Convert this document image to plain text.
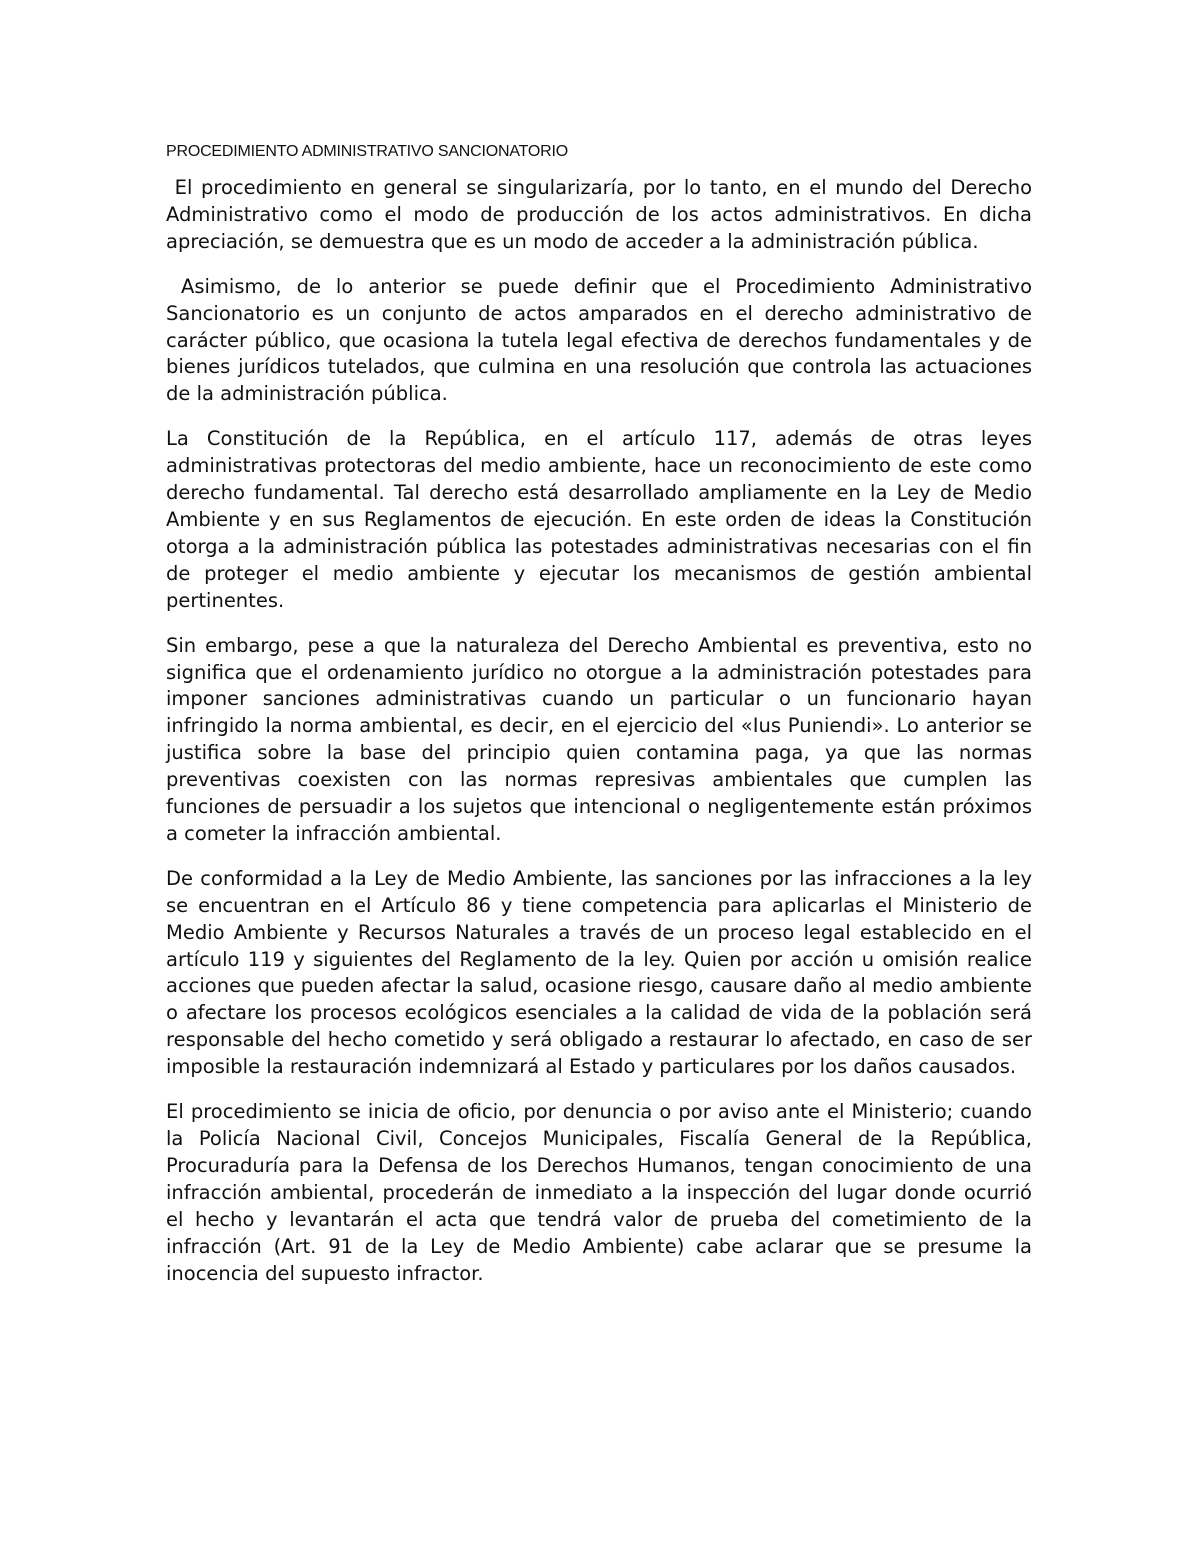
PROCEDIMIENTO ADMINISTRATIVO SANCIONATORIO

El procedimiento en general se singularizaría, por lo tanto, en el mundo del Derecho Administrativo como el modo de producción de los actos administrativos. En dicha apreciación, se demuestra que es un modo de acceder a la administración pública.

Asimismo, de lo anterior se puede definir que el Procedimiento Administrativo Sancionatorio es un conjunto de actos amparados en el derecho administrativo de carácter público, que ocasiona la tutela legal efectiva de derechos fundamentales y de bienes jurídicos tutelados, que culmina en una resolución que controla las actuaciones de la administración pública.

La Constitución de la República, en el artículo 117, además de otras leyes administrativas protectoras del medio ambiente, hace un reconocimiento de este como derecho fundamental. Tal derecho está desarrollado ampliamente en la Ley de Medio Ambiente y en sus Reglamentos de ejecución. En este orden de ideas la Constitución otorga a la administración pública las potestades administrativas necesarias con el fin de proteger el medio ambiente y ejecutar los mecanismos de gestión ambiental pertinentes.

Sin embargo, pese a que la naturaleza del Derecho Ambiental es preventiva, esto no significa que el ordenamiento jurídico no otorgue a la administración potestades para imponer sanciones administrativas cuando un particular o un funcionario hayan infringido la norma ambiental, es decir, en el ejercicio del «Ius Puniendi». Lo anterior se justifica sobre la base del principio quien contamina paga, ya que las normas preventivas coexisten con las normas represivas ambientales que cumplen las funciones de persuadir a los sujetos que intencional o negligentemente están próximos a cometer la infracción ambiental.

De conformidad a la Ley de Medio Ambiente, las sanciones por las infracciones a la ley se encuentran en el Artículo 86 y tiene competencia para aplicarlas el Ministerio de Medio Ambiente y Recursos Naturales a través de un proceso legal establecido en el artículo 119 y siguientes del Reglamento de la ley. Quien por acción u omisión realice acciones que pueden afectar la salud, ocasione riesgo, causare daño al medio ambiente o afectare los procesos ecológicos esenciales a la calidad de vida de la población será responsable del hecho cometido y será obligado a restaurar lo afectado, en caso de ser imposible la restauración indemnizará al Estado y particulares por los daños causados.

El procedimiento se inicia de oficio, por denuncia o por aviso ante el Ministerio; cuando la Policía Nacional Civil, Concejos Municipales, Fiscalía General de la República, Procuraduría para la Defensa de los Derechos Humanos, tengan conocimiento de una infracción ambiental, procederán de inmediato a la inspección del lugar donde ocurrió el hecho y levantarán el acta que tendrá valor de prueba del cometimiento de la infracción (Art. 91 de la Ley de Medio Ambiente) cabe aclarar que se presume la inocencia del supuesto infractor.
